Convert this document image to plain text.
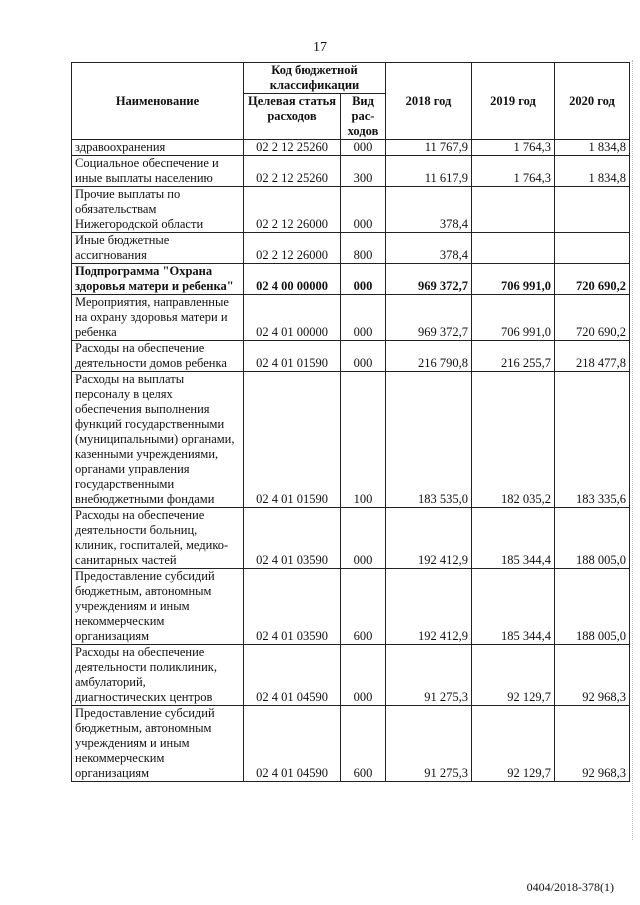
17
Наименование	Код бюджетной классификации		2018 год	2019 год	2020 год
	Целевая статья расходов	Вид рас-ходов			
здравоохранения	02 2 12 25260	000	11 767,9	1 764,3	1 834,8
Социальное обеспечение и иные выплаты населению	02 2 12 25260	300	11 617,9	1 764,3	1 834,8
Прочие выплаты по обязательствам Нижегородской области	02 2 12 26000	000	378,4		
Иные бюджетные ассигнования	02 2 12 26000	800	378,4		
Подпрограмма "Охрана здоровья матери и ребенка"	02 4 00 00000	000	969 372,7	706 991,0	720 690,2
Мероприятия, направленные на охрану здоровья матери и ребенка	02 4 01 00000	000	969 372,7	706 991,0	720 690,2
Расходы на обеспечение деятельности домов ребенка	02 4 01 01590	000	216 790,8	216 255,7	218 477,8
Расходы на выплаты персоналу в целях обеспечения выполнения функций государственными (муниципальными) органами, казенными учреждениями, органами управления государственными внебюджетными фондами	02 4 01 01590	100	183 535,0	182 035,2	183 335,6
Расходы на обеспечение деятельности больниц, клиник, госпиталей, медико-санитарных частей	02 4 01 03590	000	192 412,9	185 344,4	188 005,0
Предоставление субсидий бюджетным, автономным учреждениям и иным некоммерческим организациям	02 4 01 03590	600	192 412,9	185 344,4	188 005,0
Расходы на обеспечение деятельности поликлиник, амбулаторий, диагностических центров	02 4 01 04590	000	91 275,3	92 129,7	92 968,3
Предоставление субсидий бюджетным, автономным учреждениям и иным некоммерческим организациям	02 4 01 04590	600	91 275,3	92 129,7	92 968,3
0404/2018-378(1)
